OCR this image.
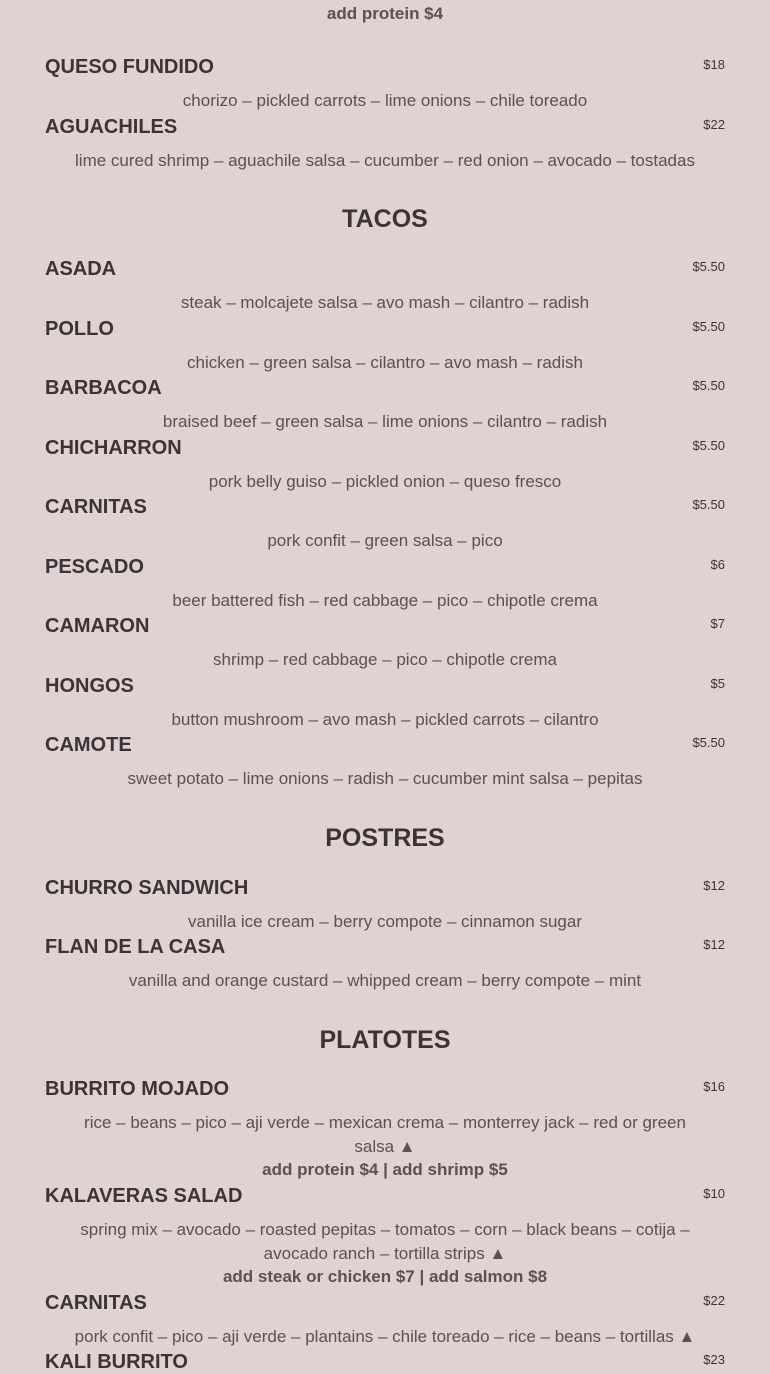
add protein $4
QUESO FUNDIDO	$18
chorizo – pickled carrots – lime onions – chile toreado
AGUACHILES	$22
lime cured shrimp – aguachile salsa – cucumber – red onion – avocado – tostadas
TACOS
ASADA	$5.50
steak – molcajete salsa – avo mash – cilantro – radish
POLLO	$5.50
chicken – green salsa – cilantro – avo mash – radish
BARBACOA	$5.50
braised beef – green salsa – lime onions – cilantro – radish
CHICHARRON	$5.50
pork belly guiso – pickled onion – queso fresco
CARNITAS	$5.50
pork confit – green salsa – pico
PESCADO	$6
beer battered fish – red cabbage – pico – chipotle crema
CAMARON	$7
shrimp – red cabbage – pico – chipotle crema
HONGOS	$5
button mushroom – avo mash – pickled carrots – cilantro
CAMOTE	$5.50
sweet potato – lime onions – radish – cucumber mint salsa – pepitas
POSTRES
CHURRO SANDWICH	$12
vanilla ice cream – berry compote – cinnamon sugar
FLAN DE LA CASA	$12
vanilla and orange custard – whipped cream – berry compote – mint
PLATOTES
BURRITO MOJADO	$16
rice – beans – pico – aji verde – mexican crema – monterrey jack – red or green salsa ▲
add protein $4 | add shrimp $5
KALAVERAS SALAD	$10
spring mix – avocado – roasted pepitas – tomatos – corn – black beans – cotija – avocado ranch – tortilla strips ▲
add steak or chicken $7 | add salmon $8
CARNITAS	$22
pork confit – pico – aji verde – plantains – chile toreado – rice – beans – tortillas ▲
KALI BURRITO	$23
